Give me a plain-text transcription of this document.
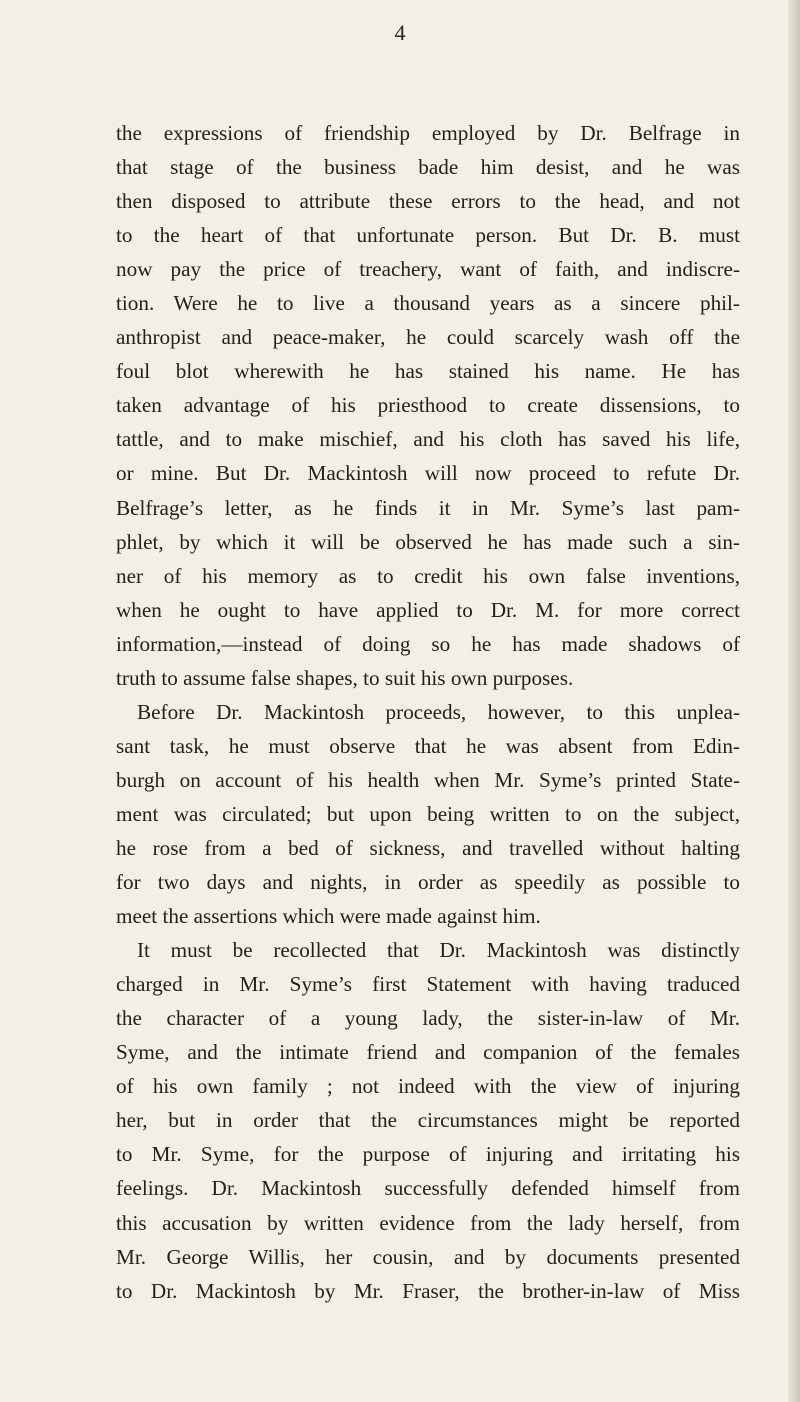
4
the expressions of friendship employed by Dr. Belfrage in
that stage of the business bade him desist, and he was
then disposed to attribute these errors to the head, and not
to the heart of that unfortunate person. But Dr. B. must
now pay the price of treachery, want of faith, and indiscre-
tion. Were he to live a thousand years as a sincere phil-
anthropist and peace-maker, he could scarcely wash off the
foul blot wherewith he has stained his name. He has
taken advantage of his priesthood to create dissensions, to
tattle, and to make mischief, and his cloth has saved his life,
or mine. But Dr. Mackintosh will now proceed to refute Dr.
Belfrage’s letter, as he finds it in Mr. Syme’s last pam-
phlet, by which it will be observed he has made such a sin-
ner of his memory as to credit his own false inventions,
when he ought to have applied to Dr. M. for more correct
information,—instead of doing so he has made shadows of
truth to assume false shapes, to suit his own purposes.
Before Dr. Mackintosh proceeds, however, to this unplea-
sant task, he must observe that he was absent from Edin-
burgh on account of his health when Mr. Syme’s printed State-
ment was circulated; but upon being written to on the subject,
he rose from a bed of sickness, and travelled without halting
for two days and nights, in order as speedily as possible to
meet the assertions which were made against him.
It must be recollected that Dr. Mackintosh was distinctly
charged in Mr. Syme’s first Statement with having traduced
the character of a young lady, the sister-in-law of Mr.
Syme, and the intimate friend and companion of the females
of his own family ; not indeed with the view of injuring
her, but in order that the circumstances might be reported
to Mr. Syme, for the purpose of injuring and irritating his
feelings. Dr. Mackintosh successfully defended himself from
this accusation by written evidence from the lady herself, from
Mr. George Willis, her cousin, and by documents presented
to Dr. Mackintosh by Mr. Fraser, the brother-in-law of Miss
